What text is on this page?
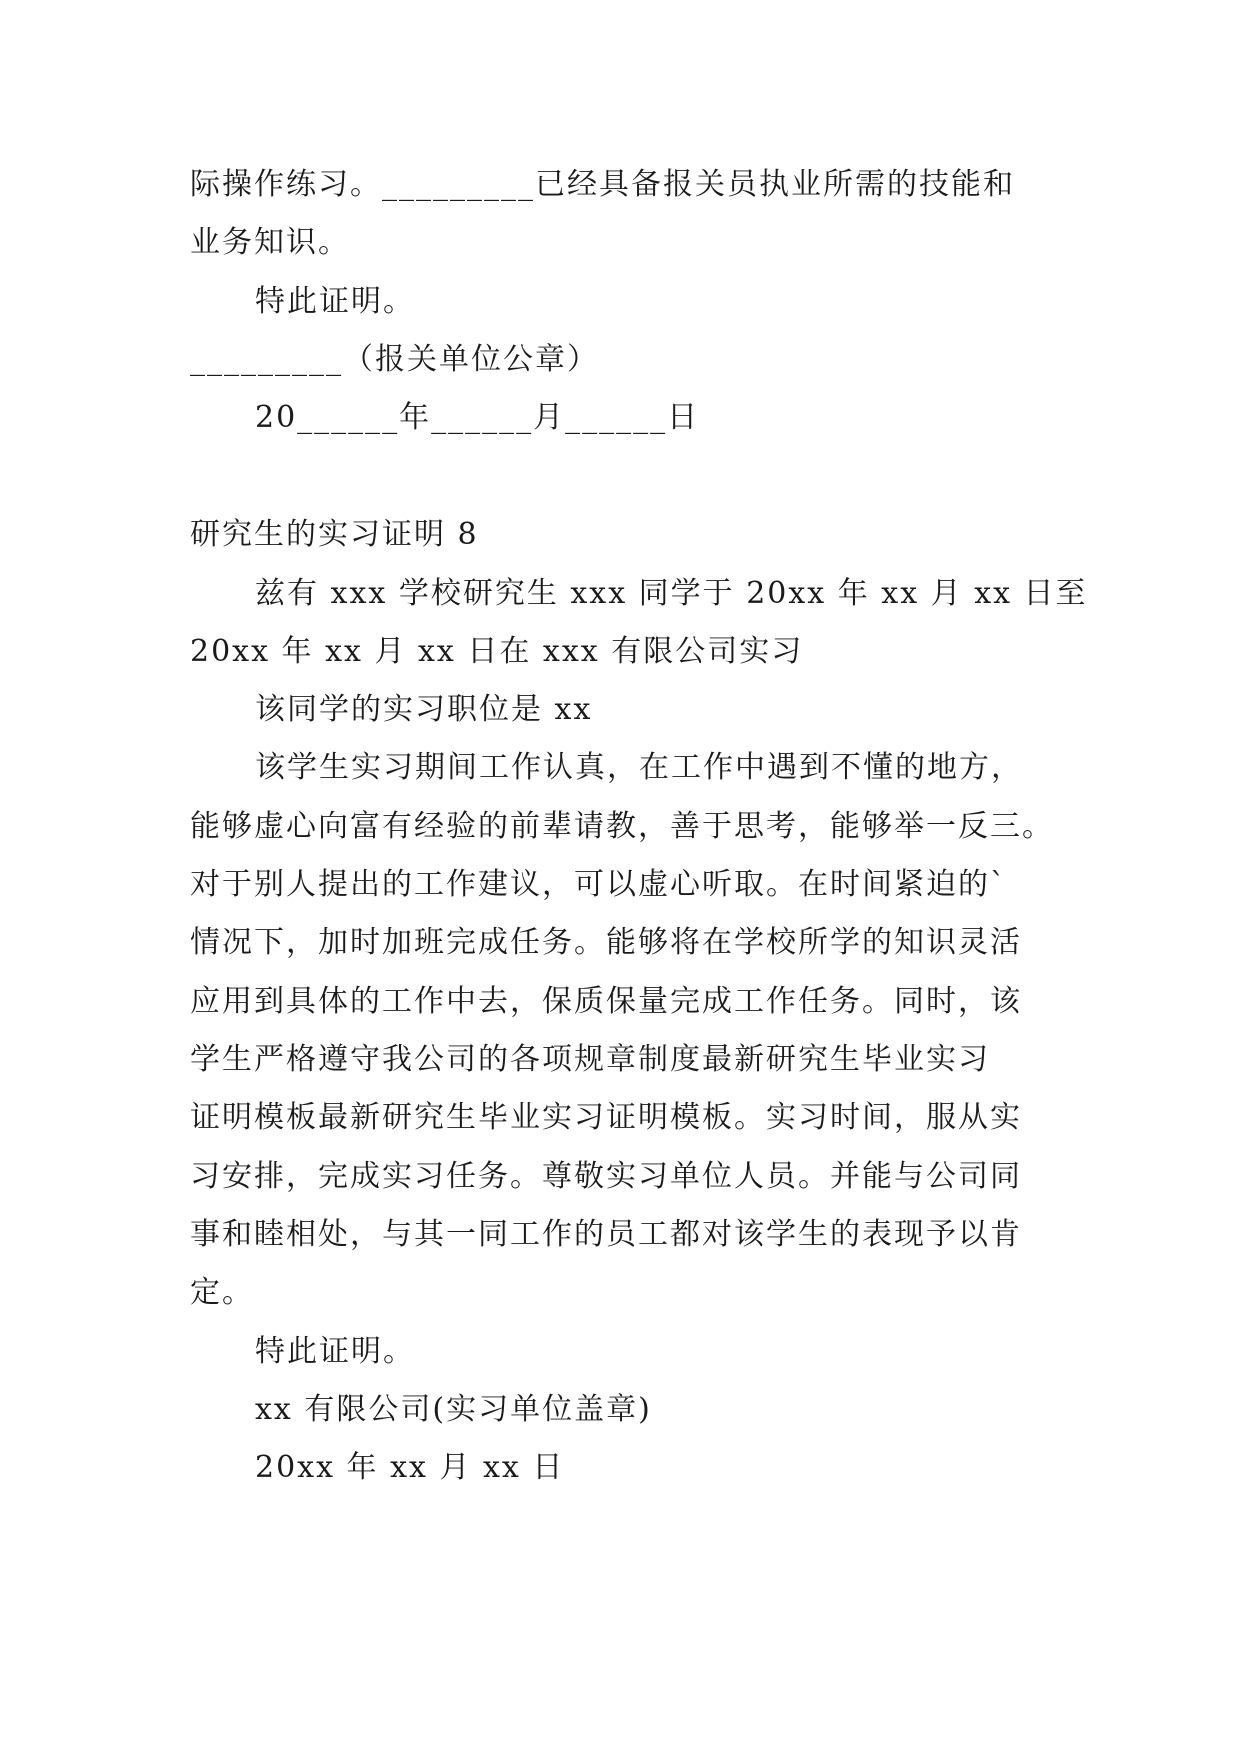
际操作练习。_________已经具备报关员执业所需的技能和
业务知识。
特此证明。
_________（报关单位公章）
20______年______月______日
研究生的实习证明 8
兹有 xxx 学校研究生 xxx 同学于 20xx 年 xx 月 xx 日至
20xx 年 xx 月 xx 日在 xxx 有限公司实习
该同学的实习职位是 xx
该学生实习期间工作认真，在工作中遇到不懂的地方，
能够虚心向富有经验的前辈请教，善于思考，能够举一反三。
对于别人提出的工作建议，可以虚心听取。在时间紧迫的`
情况下，加时加班完成任务。能够将在学校所学的知识灵活
应用到具体的工作中去，保质保量完成工作任务。同时，该
学生严格遵守我公司的各项规章制度最新研究生毕业实习
证明模板最新研究生毕业实习证明模板。实习时间，服从实
习安排，完成实习任务。尊敬实习单位人员。并能与公司同
事和睦相处，与其一同工作的员工都对该学生的表现予以肯
定。
特此证明。
xx 有限公司(实习单位盖章)
20xx 年 xx 月 xx 日
